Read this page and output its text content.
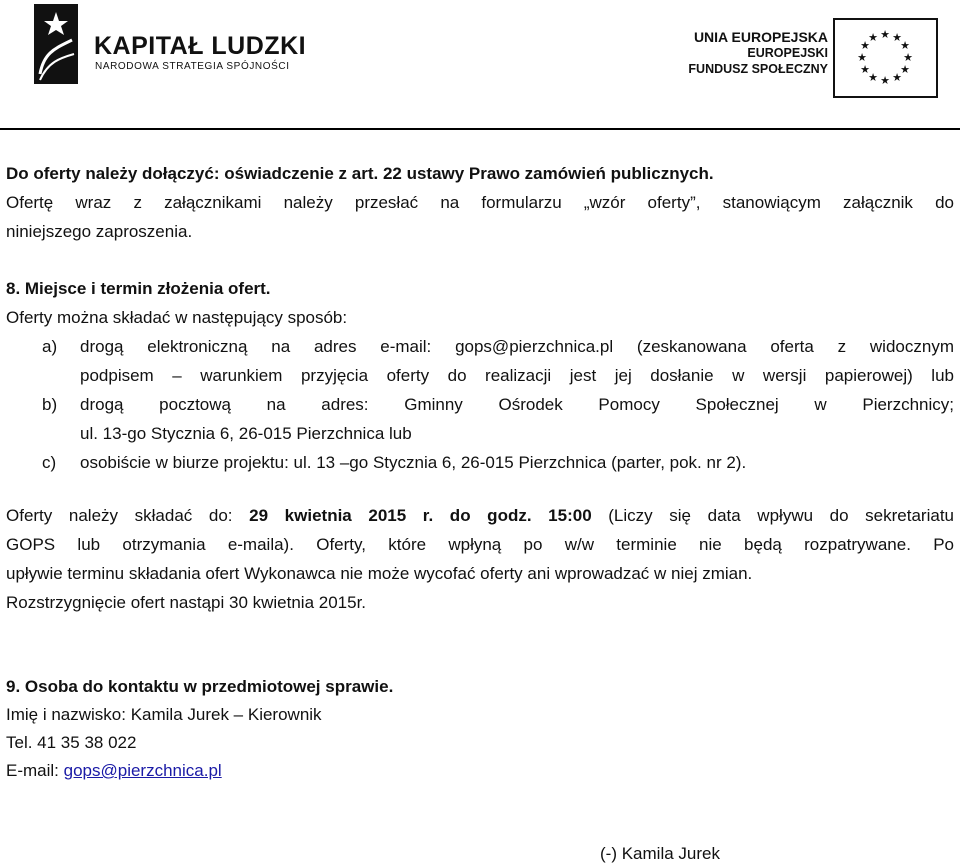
KAPITAŁ LUDZKI
NARODOWA STRATEGIA SPÓJNOŚCI
UNIA EUROPEJSKA
EUROPEJSKI
FUNDUSZ SPOŁECZNY
★ ★
★
★
★
★
★
★
★
★
★
★
Do oferty należy dołączyć: oświadczenie z art. 22 ustawy Prawo zamówień publicznych.
Ofertę wraz z załącznikami należy przesłać na formularzu „wzór oferty”, stanowiącym załącznik do
niniejszego zaproszenia.
8. Miejsce i termin złożenia ofert.
Oferty można składać w następujący sposób:
a) drogą elektroniczną na adres e-mail: gops@pierzchnica.pl (zeskanowana oferta z widocznym
podpisem – warunkiem przyjęcia oferty do realizacji jest jej dosłanie w wersji papierowej) lub
b) drogą pocztową na adres: Gminny Ośrodek Pomocy Społecznej w Pierzchnicy;
ul. 13-go Stycznia 6, 26-015 Pierzchnica lub
c) osobiście w biurze projektu: ul. 13 –go Stycznia 6, 26-015 Pierzchnica (parter, pok. nr 2).
Oferty należy składać do: 29 kwietnia 2015 r. do godz. 15:00 (Liczy się data wpływu do sekretariatu
GOPS lub otrzymania e-maila). Oferty, które wpłyną po w/w terminie nie będą rozpatrywane. Po
upływie terminu składania ofert Wykonawca nie może wycofać oferty ani wprowadzać w niej zmian.
Rozstrzygnięcie ofert nastąpi 30 kwietnia 2015r.
9. Osoba do kontaktu w przedmiotowej sprawie.
Imię i nazwisko: Kamila Jurek – Kierownik
Tel. 41 35 38 022
E-mail: gops@pierzchnica.pl
(-) Kamila Jurek
